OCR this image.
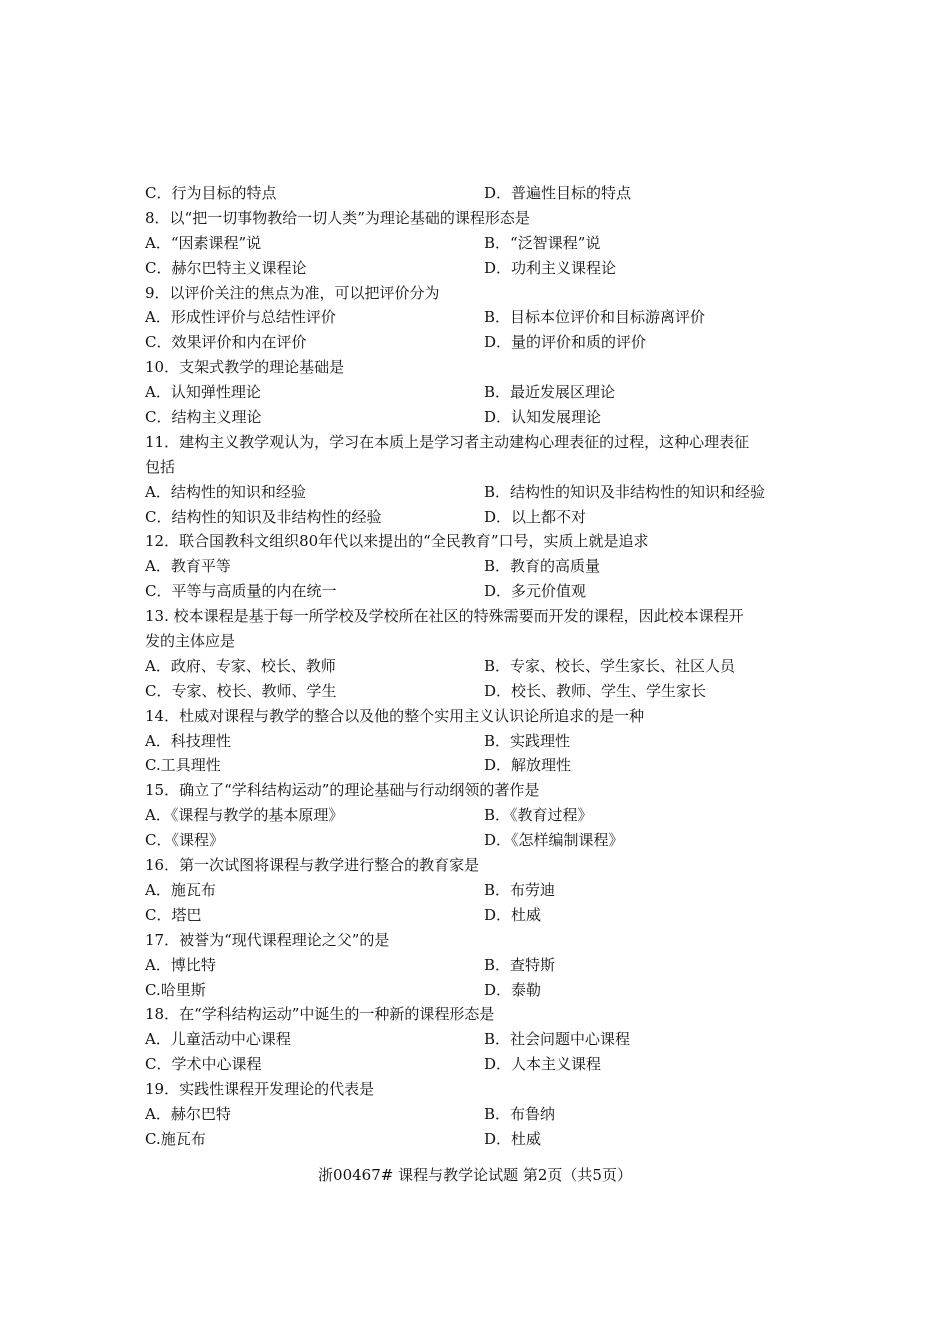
C．行为目标的特点	D．普遍性目标的特点
8．以“把一切事物教给一切人类”为理论基础的课程形态是
A．“因素课程”说	B．“泛智课程”说
C．赫尔巴特主义课程论	D．功利主义课程论
9．以评价关注的焦点为准，可以把评价分为
A．形成性评价与总结性评价	B．目标本位评价和目标游离评价
C．效果评价和内在评价	D．量的评价和质的评价
10．支架式教学的理论基础是
A．认知弹性理论	B．最近发展区理论
C．结构主义理论	D．认知发展理论
11．建构主义教学观认为，学习在本质上是学习者主动建构心理表征的过程，这种心理表征
包括
A．结构性的知识和经验	B．结构性的知识及非结构性的知识和经验
C．结构性的知识及非结构性的经验	D．以上都不对
12．联合国教科文组织80年代以来提出的“全民教育”口号，实质上就是追求
A．教育平等	B．教育的高质量
C．平等与高质量的内在统一	D．多元价值观
13. 校本课程是基于每一所学校及学校所在社区的特殊需要而开发的课程，因此校本课程开
发的主体应是
A．政府、专家、校长、教师	B．专家、校长、学生家长、社区人员
C．专家、校长、教师、学生	D．校长、教师、学生、学生家长
14．杜威对课程与教学的整合以及他的整个实用主义认识论所追求的是一种
A．科技理性	B．实践理性
C.工具理性	D．解放理性
15．确立了“学科结构运动”的理论基础与行动纲领的著作是
A．《课程与教学的基本原理》	B．《教育过程》
C．《课程》	D．《怎样编制课程》
16．第一次试图将课程与教学进行整合的教育家是
A．施瓦布	B．布劳迪
C．塔巴	D．杜威
17．被誉为“现代课程理论之父”的是
A．博比特	B．查特斯
C.哈里斯	D．泰勒
18．在“学科结构运动”中诞生的一种新的课程形态是
A．儿童活动中心课程	B．社会问题中心课程
C．学术中心课程	D．人本主义课程
19．实践性课程开发理论的代表是
A．赫尔巴特	B．布鲁纳
C.施瓦布	D．杜威
浙00467# 课程与教学论试题 第2页（共5页）
